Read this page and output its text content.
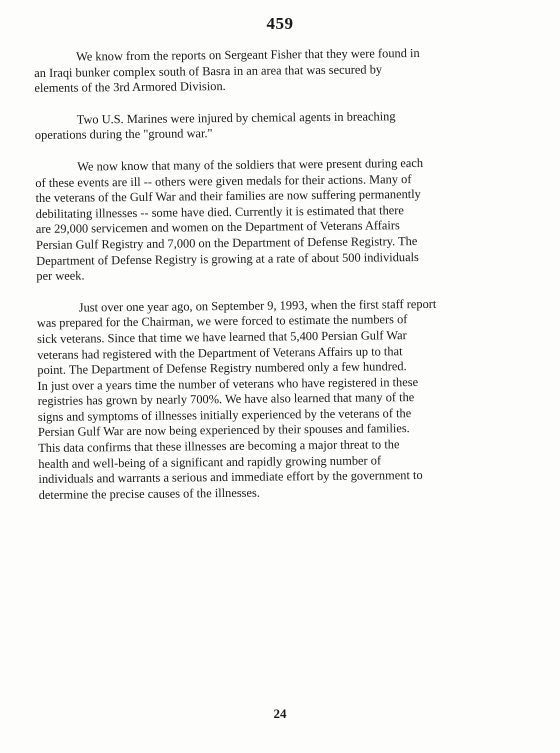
459

We know from the reports on Sergeant Fisher that they were found in
an Iraqi bunker complex south of Basra in an area that was secured by
elements of the 3rd Armored Division.

Two U.S. Marines were injured by chemical agents in breaching
operations during the "ground war."

We now know that many of the soldiers that were present during each
of these events are ill -- others were given medals for their actions. Many of
the veterans of the Gulf War and their families are now suffering permanently
debilitating illnesses -- some have died. Currently it is estimated that there
are 29,000 servicemen and women on the Department of Veterans Affairs
Persian Gulf Registry and 7,000 on the Department of Defense Registry. The
Department of Defense Registry is growing at a rate of about 500 individuals
per week.

Just over one year ago, on September 9, 1993, when the first staff report
was prepared for the Chairman, we were forced to estimate the numbers of
sick veterans. Since that time we have learned that 5,400 Persian Gulf War
veterans had registered with the Department of Veterans Affairs up to that
point. The Department of Defense Registry numbered only a few hundred.
In just over a years time the number of veterans who have registered in these
registries has grown by nearly 700%. We have also learned that many of the
signs and symptoms of illnesses initially experienced by the veterans of the
Persian Gulf War are now being experienced by their spouses and families.
This data confirms that these illnesses are becoming a major threat to the
health and well-being of a significant and rapidly growing number of
individuals and warrants a serious and immediate effort by the government to
determine the precise causes of the illnesses.

24
